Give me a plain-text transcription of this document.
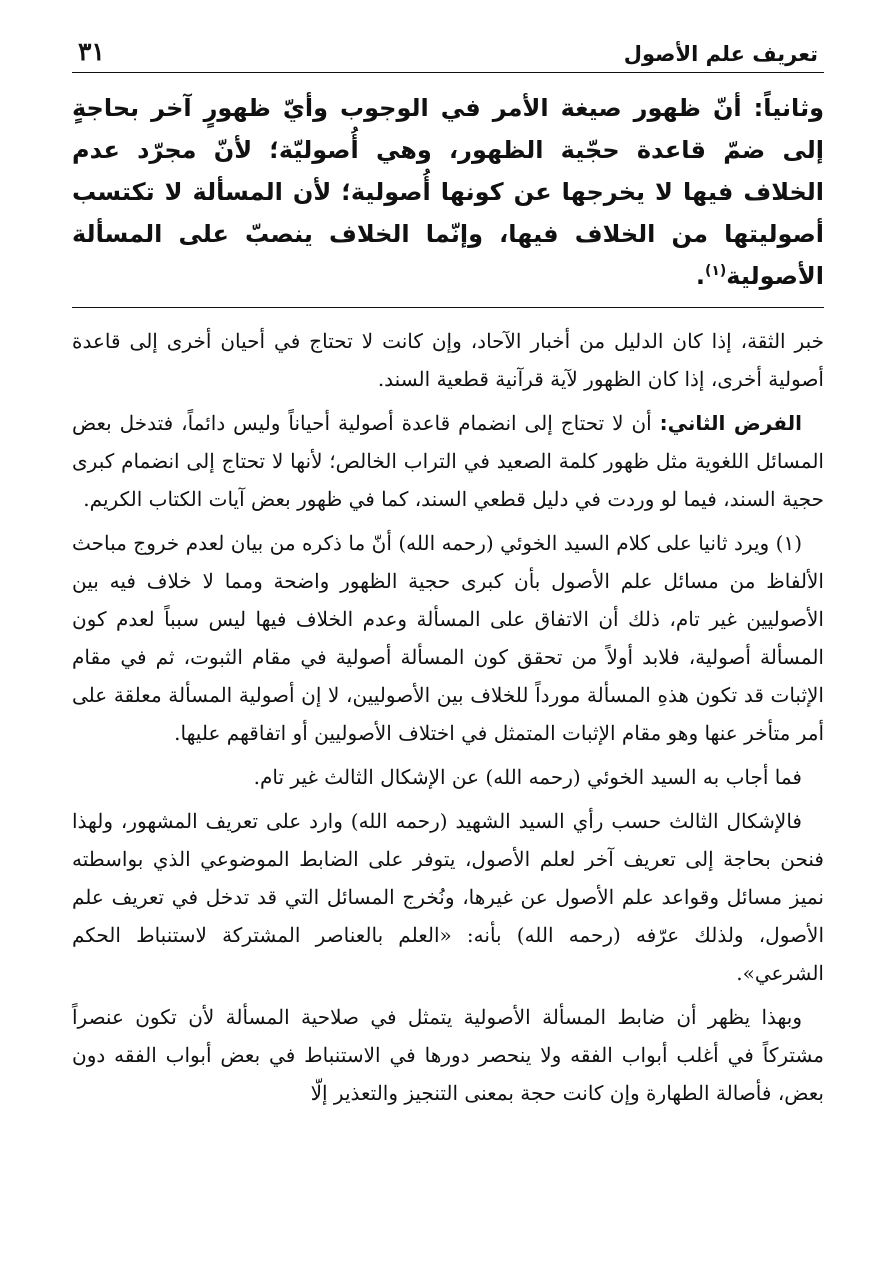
تعريف علم الأصول
٣١

وثانياً: أنّ ظهور صيغة الأمر في الوجوب وأيّ ظهورٍ آخر بحاجةٍ إلى ضمّ قاعدة حجّية الظهور، وهي أُصوليّة؛ لأنّ مجرّد عدم الخلاف فيها لا يخرجها عن كونها أُصولية؛ لأن المسألة لا تكتسب أصوليتها من الخلاف فيها، وإنّما الخلاف ينصبّ على المسألة الأصولية$^{(١)}$.

خبر الثقة، إذا كان الدليل من أخبار الآحاد، وإن كانت لا تحتاج في أحيان أخرى إلى قاعدة أصولية أخرى، إذا كان الظهور لآية قرآنية قطعية السند.

الفرض الثاني: أن لا تحتاج إلى انضمام قاعدة أصولية أحياناً وليس دائماً، فتدخل بعض المسائل اللغوية مثل ظهور كلمة الصعيد في التراب الخالص؛ لأنها لا تحتاج إلى انضمام كبرى حجية السند، فيما لو وردت في دليل قطعي السند، كما في ظهور بعض آيات الكتاب الكريم.

(١) ويرد ثانيا على كلام السيد الخوئي (رحمه الله) أنّ ما ذكره من بيان لعدم خروج مباحث الألفاظ من مسائل علم الأصول بأن كبرى حجية الظهور واضحة ومما لا خلاف فيه بين الأصوليين غير تام، ذلك أن الاتفاق على المسألة وعدم الخلاف فيها ليس سبباً لعدم كون المسألة أصولية، فلابد أولاً من تحقق كون المسألة أصولية في مقام الثبوت، ثم في مقام الإثبات قد تكون هذهِ المسألة مورداً للخلاف بين الأصوليين، لا إن أصولية المسألة معلقة على أمر متأخر عنها وهو مقام الإثبات المتمثل في اختلاف الأصوليين أو اتفاقهم عليها.

فما أجاب به السيد الخوئي (رحمه الله) عن الإشكال الثالث غير تام.

فالإشكال الثالث حسب رأي السيد الشهيد (رحمه الله) وارد على تعريف المشهور، ولهذا فنحن بحاجة إلى تعريف آخر لعلم الأصول، يتوفر على الضابط الموضوعي الذي بواسطته نميز مسائل وقواعد علم الأصول عن غيرها، ونُخرج المسائل التي قد تدخل في تعريف علم الأصول، ولذلك عرّفه (رحمه الله) بأنه: «العلم بالعناصر المشتركة لاستنباط الحكم الشرعي».

وبهذا يظهر أن ضابط المسألة الأصولية يتمثل في صلاحية المسألة لأن تكون عنصراً مشتركاً في أغلب أبواب الفقه ولا ينحصر دورها في الاستنباط في بعض أبواب الفقه دون بعض، فأصالة الطهارة وإن كانت حجة بمعنى التنجيز والتعذير إلّا
